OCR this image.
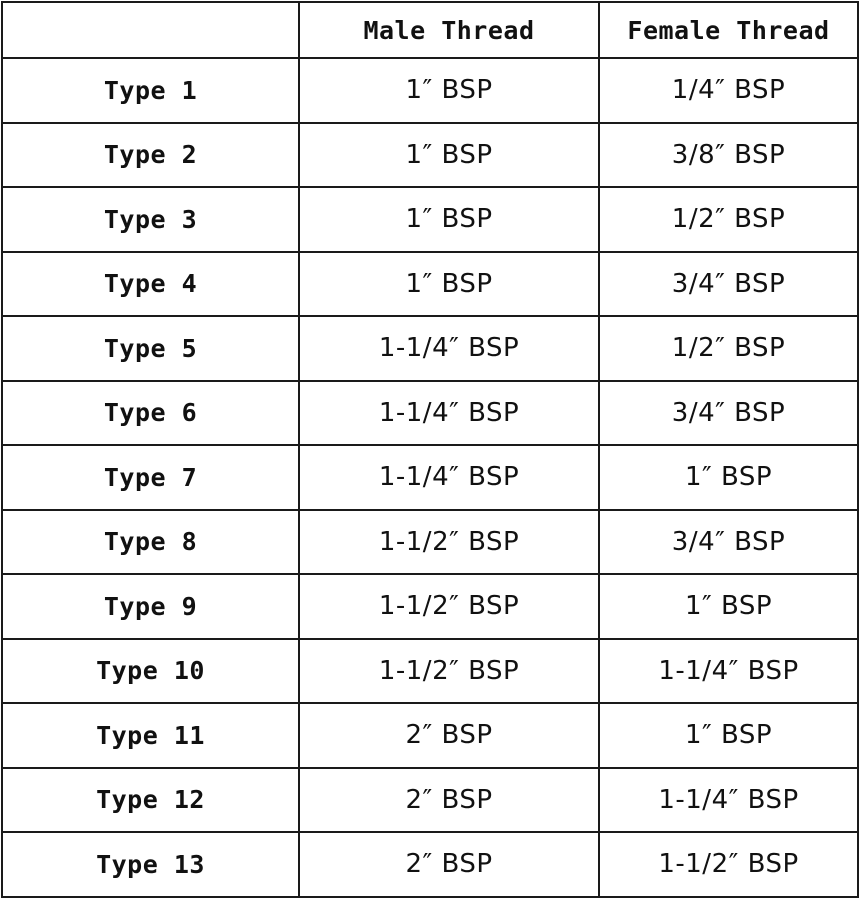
	Male Thread	Female Thread
Type 1	1″ BSP	1/4″ BSP
Type 2	1″ BSP	3/8″ BSP
Type 3	1″ BSP	1/2″ BSP
Type 4	1″ BSP	3/4″ BSP
Type 5	1-1/4″ BSP	1/2″ BSP
Type 6	1-1/4″ BSP	3/4″ BSP
Type 7	1-1/4″ BSP	1″ BSP
Type 8	1-1/2″ BSP	3/4″ BSP
Type 9	1-1/2″ BSP	1″ BSP
Type 10	1-1/2″ BSP	1-1/4″ BSP
Type 11	2″ BSP	1″ BSP
Type 12	2″ BSP	1-1/4″ BSP
Type 13	2″ BSP	1-1/2″ BSP
